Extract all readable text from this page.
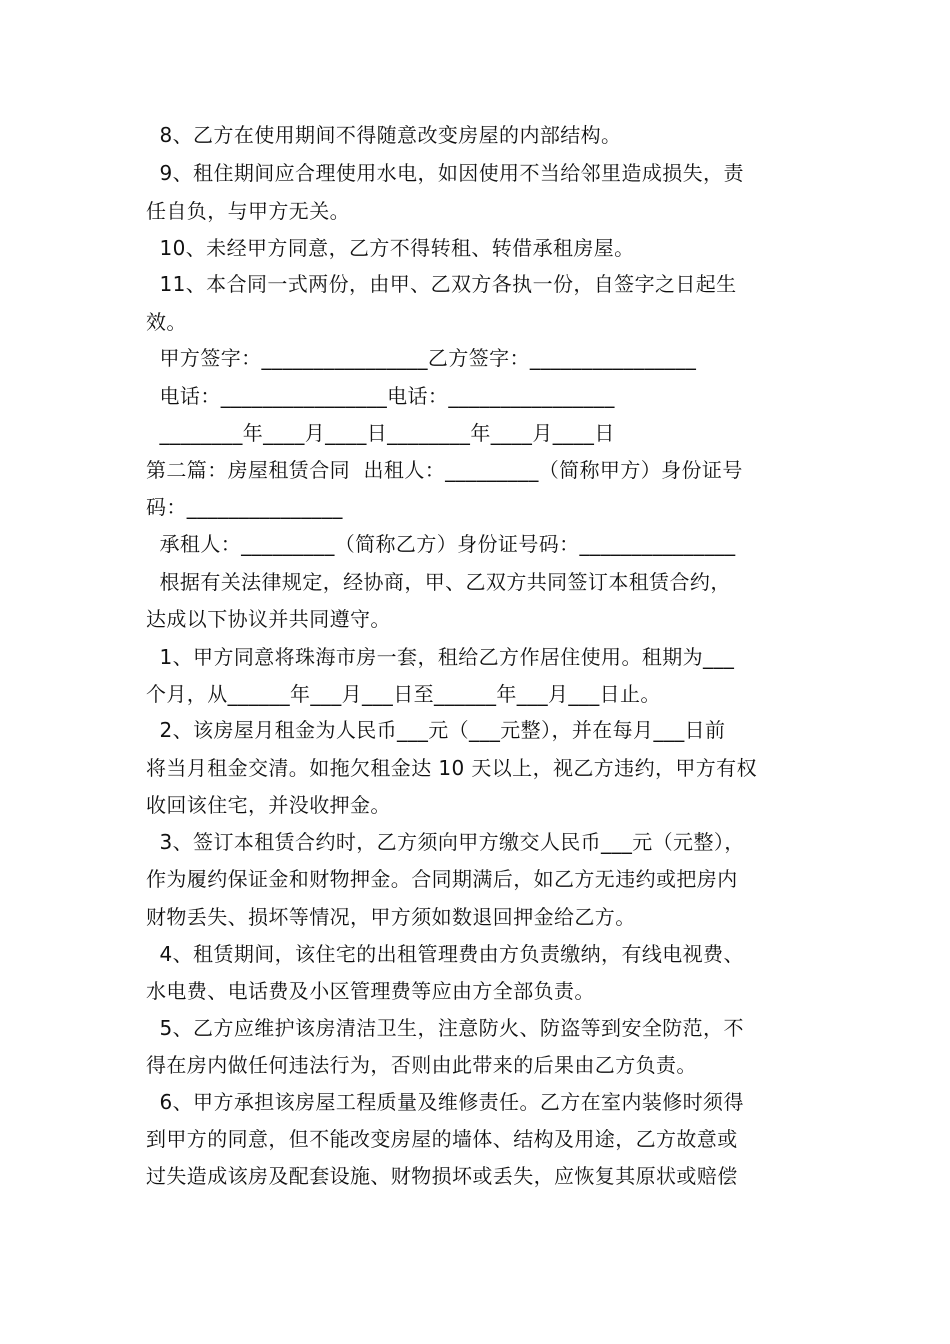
8、乙方在使用期间不得随意改变房屋的内部结构。
9、租住期间应合理使用水电，如因使用不当给邻里造成损失，责
任自负，与甲方无关。
10、未经甲方同意，乙方不得转租、转借承租房屋。
11、本合同一式两份，由甲、乙双方各执一份，自签字之日起生
效。
甲方签字：________________乙方签字：________________
电话：________________电话：________________
________年____月____日________年____月____日
第二篇：房屋租赁合同  出租人：_________（简称甲方）身份证号
码：_______________
承租人：_________（简称乙方）身份证号码：_______________
根据有关法律规定，经协商，甲、乙双方共同签订本租赁合约，
达成以下协议并共同遵守。
1、甲方同意将珠海市房一套，租给乙方作居住使用。租期为___
个月，从______年___月___日至______年___月___日止。
2、该房屋月租金为人民币___元（___元整），并在每月___日前
将当月租金交清。如拖欠租金达 10 天以上，视乙方违约，甲方有权
收回该住宅，并没收押金。
3、签订本租赁合约时，乙方须向甲方缴交人民币___元（元整），
作为履约保证金和财物押金。合同期满后，如乙方无违约或把房内
财物丢失、损坏等情况，甲方须如数退回押金给乙方。
4、租赁期间，该住宅的出租管理费由方负责缴纳，有线电视费、
水电费、电话费及小区管理费等应由方全部负责。
5、乙方应维护该房清洁卫生，注意防火、防盗等到安全防范，不
得在房内做任何违法行为，否则由此带来的后果由乙方负责。
6、甲方承担该房屋工程质量及维修责任。乙方在室内装修时须得
到甲方的同意，但不能改变房屋的墙体、结构及用途，乙方故意或
过失造成该房及配套设施、财物损坏或丢失，应恢复其原状或赔偿
